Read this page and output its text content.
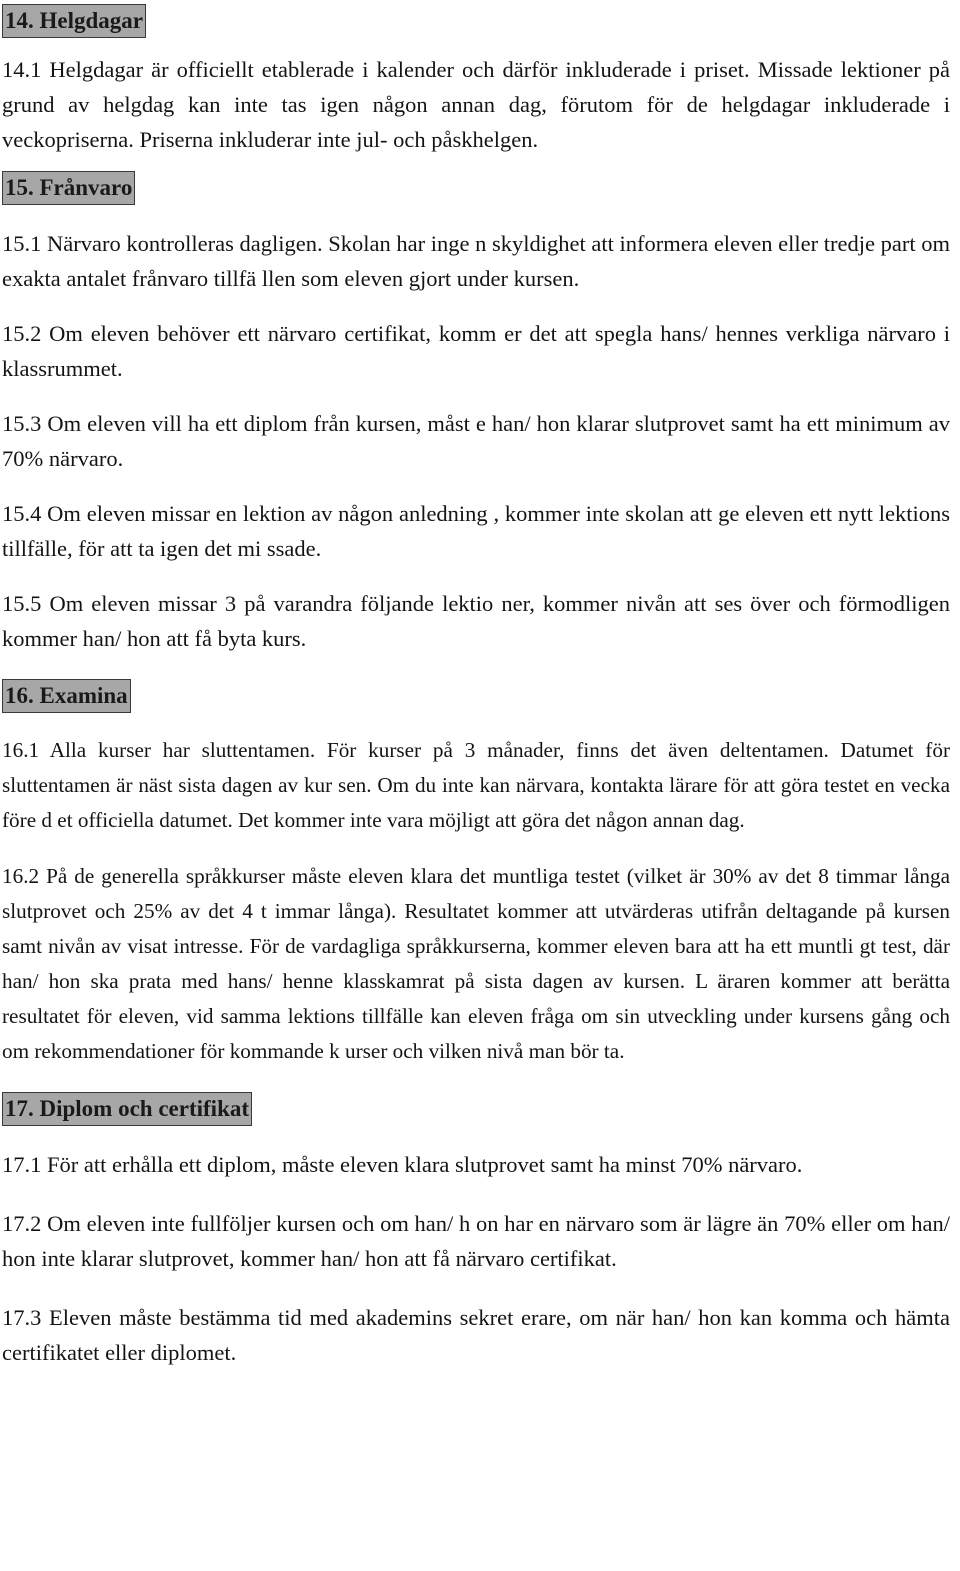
14. Helgdagar

14.1 Helgdagar är officiellt etablerade i kalender och därför inkluderade i priset. Missade lektioner på grund av helgdag kan inte tas igen någon annan dag, förutom för de helgdagar inkluderade i veckopriserna. Priserna inkluderar inte jul- och påskhelgen.

15. Frånvaro

15.1 Närvaro kontrolleras dagligen. Skolan har inge n skyldighet att informera eleven eller tredje part om exakta antalet frånvaro tillfä llen som eleven gjort under kursen.

15.2 Om eleven behöver ett närvaro certifikat, komm er det att spegla hans/ hennes verkliga närvaro i klassrummet.

15.3 Om eleven vill ha ett diplom från kursen, måst e han/ hon klarar slutprovet samt ha ett minimum av 70% närvaro.

15.4 Om eleven missar en lektion av någon anledning , kommer inte skolan att ge eleven ett nytt lektions tillfälle, för att ta igen det mi ssade.

15.5 Om eleven missar 3 på varandra följande lektio ner, kommer nivån att ses över och förmodligen kommer han/ hon att få byta kurs.

16. Examina

16.1 Alla kurser har sluttentamen. För kurser på 3 månader, finns det även deltentamen. Datumet för sluttentamen är näst sista dagen av kur sen. Om du inte kan närvara, kontakta lärare för att göra testet en vecka före d et officiella datumet. Det kommer inte vara möjligt att göra det någon annan dag.

16.2 På de generella språkkurser måste eleven klara det muntliga testet (vilket är 30% av det 8 timmar långa slutprovet och 25% av det 4 t immar långa). Resultatet kommer att utvärderas utifrån deltagande på kursen samt nivån av visat intresse. För de vardagliga språkkurserna, kommer eleven bara att ha ett muntli gt test, där han/ hon ska prata med hans/ henne klasskamrat på sista dagen av kursen. L äraren kommer att berätta resultatet för eleven, vid samma lektions tillfälle kan eleven fråga om sin utveckling under kursens gång och om rekommendationer för kommande k urser och vilken nivå man bör ta.

17. Diplom och certifikat

17.1 För att erhålla ett diplom, måste eleven klara slutprovet samt ha minst 70% närvaro.

17.2 Om eleven inte fullföljer kursen och om han/ h on har en närvaro som är lägre än 70% eller om han/ hon inte klarar slutprovet, kommer han/ hon att få närvaro certifikat.

17.3 Eleven måste bestämma tid med akademins sekret erare, om när han/ hon kan komma och hämta certifikatet eller diplomet.
